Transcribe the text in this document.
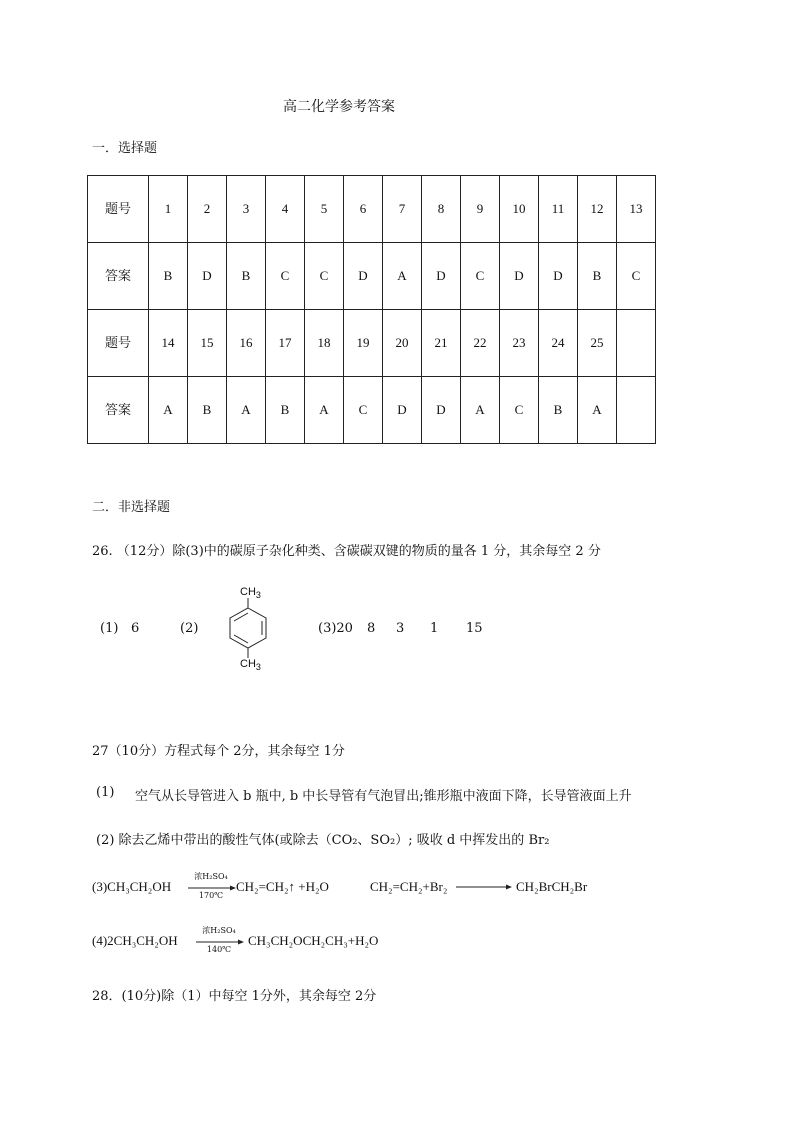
高二化学参考答案
一．选择题
题号	1	2	3	4	5	6	7	8	9	10	11	12	13
答案	B	D	B	C	C	D	A	D	C	D	D	B	C
题号	14	15	16	17	18	19	20	21	22	23	24	25	
答案	A	B	A	B	A	C	D	D	A	C	B	A	
二．非选择题
26. （12分）除(3)中的碳原子杂化种类、含碳碳双键的物质的量各 1 分，其余每空 2 分
(1) 6	(2)
$CH_3$
$CH_3$
(3)20 8 3 1 15
27（10分）方程式每个 2分，其余每空 1分
(1) 空气从长导管进入 b 瓶中, b 中长导管有气泡冒出;锥形瓶中液面下降，长导管液面上升
(2) 除去乙烯中带出的酸性气体(或除去（CO₂、SO₂）; 吸收 d 中挥发出的 Br₂
(3)CH₃CH₂OH
浓H₂SO₄
170℃
CH₂=CH₂↑ +H₂O	CH₂=CH₂+Br₂	CH₂BrCH₂Br
(4)2CH₃CH₂OH
浓H₂SO₄
140℃
CH₃CH₂OCH₂CH₃+H₂O
28．(10分)除（1）中每空 1分外，其余每空 2分
